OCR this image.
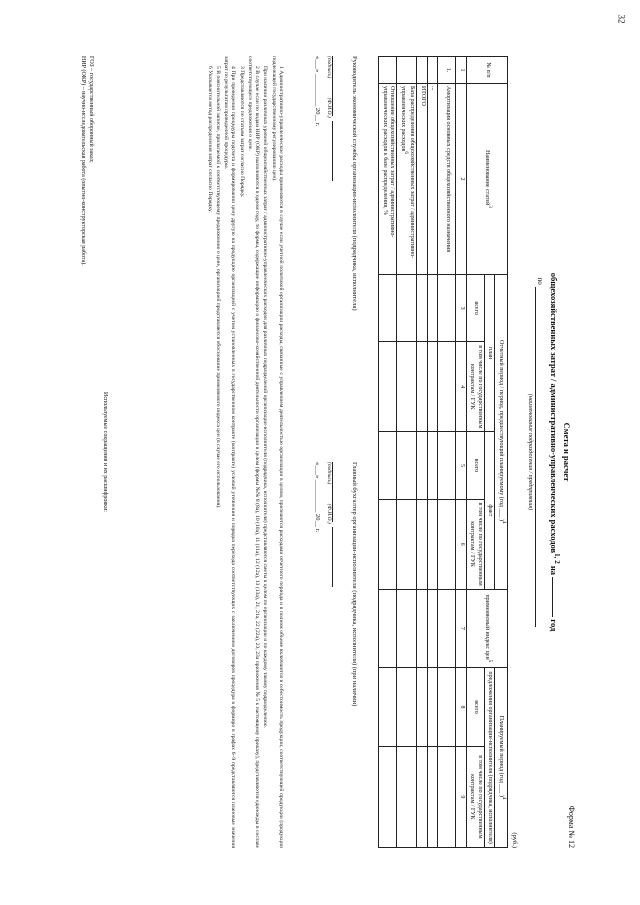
32
Форма № 12
Смета и расчет
общехозяйственных затрат / административно-управленческих расходов$^{1, 2}$ на  год
по
(наименование подразделения / предприятия)
(руб.)
№ п/п	Наименование статей$^3$	Отчетный период / период, предшествующий планируемому (год ___ )$^4$				применяемый индекс цен$^5$	Планируемый период (год ___ )$^4$
		план		факт			предложения организации-исполнителя (подрядчика, исполнителя)	
		всего	в том числе по государственным контрактам / ГУК	всего	в том числе по государственным контрактам / ГУК		всего	в том числе по государственным контрактам / ГУК
1	2	3	4	5	6	7	8	9
1.	Амортизация основных средств общехозяйственного назначения							
	...							
	ИТОГО							
	База распределения общехозяйственных затрат / административно-управленческих расходов$^6$							
	Отношение общехозяйственных затрат / административно-управленческих расходов к базе распределения, %							
Руководитель экономической службы организации-исполнителя (подрядчика, исполнителя)

(подпись)              (Ф.И.О.)
«___» __________ 20__ г.
Главный бухгалтер организации-исполнителя (подрядчика, исполнителя) (при наличии)

(подпись)              (Ф.И.О.)
«___» __________ 20__ г.

1 Административно-управленческие расходы применяются в случае если учетной политикой организации расходы, связанные с управлением деятельностью организации в целом, признаются расходами отчетного периода и в полном объеме включаются в себестоимость продукции, соответствующей продукции (продукции подлежащей государственному регулированию цен).

При наличии различных уровней общехозяйственных затрат / административно-управленческих расходов для различных подразделений организации-исполнителя (подрядчика, исполнителя) представляются сметы в целом по организации и по каждому такому подразделению.

2 В случае если по видам НИР (ОКР) выполняются в одном году, то формы, содержащие информацию о финансово-хозяйственной деятельности организации в целом (формы №№ 8 (8а), 10 (10а), 11 (11а), 12 (12а), 13 (13а), 21, 21а, 22 (22а), 23, 23а приложения № 5 к настоящему приказу), представляются единожды в составе соответствующего предложения о цене.

3 Представляются по статьям затрат согласно Порядку.

4 При проведении процедуры подсчета и формировании цену другую на продукцию организацией с учетом установленных в государственном контракте (контракте) условий уточнения и порядка перехода соответствующих с заключением договоров процедура в формиро в графах 6–9 представляются плановые значения затрат по результатам приведенной процедуры.

5 В пояснительной записке, прилагаемой к соответствующему предложению о цене, организацией представляется обоснование применяемого индекса цен (в случае его использования).

6 Указывается метод распределения затрат согласно Порядку.

Используемые сокращения и их расшифровки:
ГОЗ – государственный оборонный заказ;
НИР (ОКР) – научно-исследовательская работа (опытно-конструкторская работа).
